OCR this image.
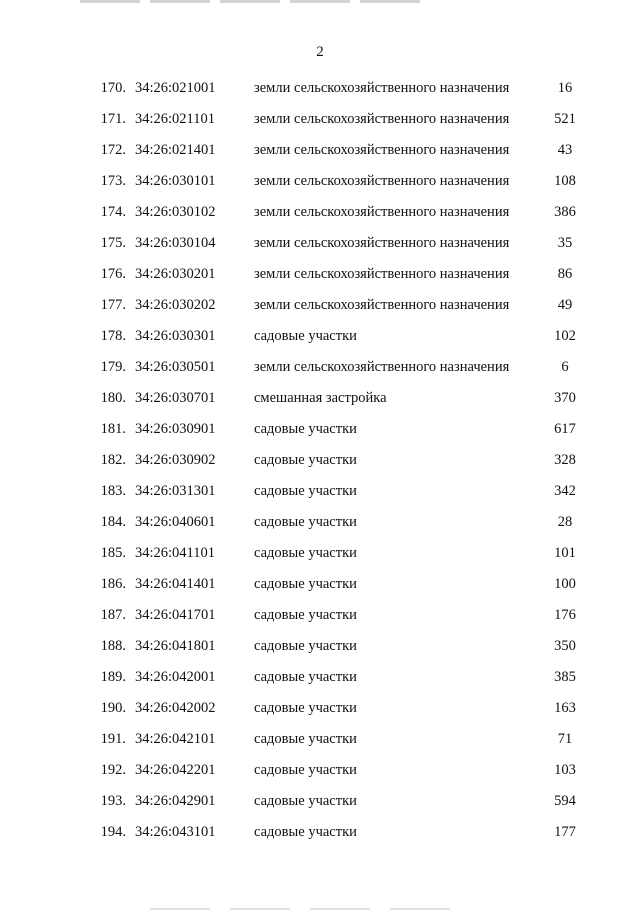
2
170. 34:26:021001	земли сельскохозяйственного назначения	16
171. 34:26:021101	земли сельскохозяйственного назначения	521
172. 34:26:021401	земли сельскохозяйственного назначения	43
173. 34:26:030101	земли сельскохозяйственного назначения	108
174. 34:26:030102	земли сельскохозяйственного назначения	386
175. 34:26:030104	земли сельскохозяйственного назначения	35
176. 34:26:030201	земли сельскохозяйственного назначения	86
177. 34:26:030202	земли сельскохозяйственного назначения	49
178. 34:26:030301	садовые участки	102
179. 34:26:030501	земли сельскохозяйственного назначения	6
180. 34:26:030701	смешанная застройка	370
181. 34:26:030901	садовые участки	617
182. 34:26:030902	садовые участки	328
183. 34:26:031301	садовые участки	342
184. 34:26:040601	садовые участки	28
185. 34:26:041101	садовые участки	101
186. 34:26:041401	садовые участки	100
187. 34:26:041701	садовые участки	176
188. 34:26:041801	садовые участки	350
189. 34:26:042001	садовые участки	385
190. 34:26:042002	садовые участки	163
191. 34:26:042101	садовые участки	71
192. 34:26:042201	садовые участки	103
193. 34:26:042901	садовые участки	594
194. 34:26:043101	садовые участки	177
